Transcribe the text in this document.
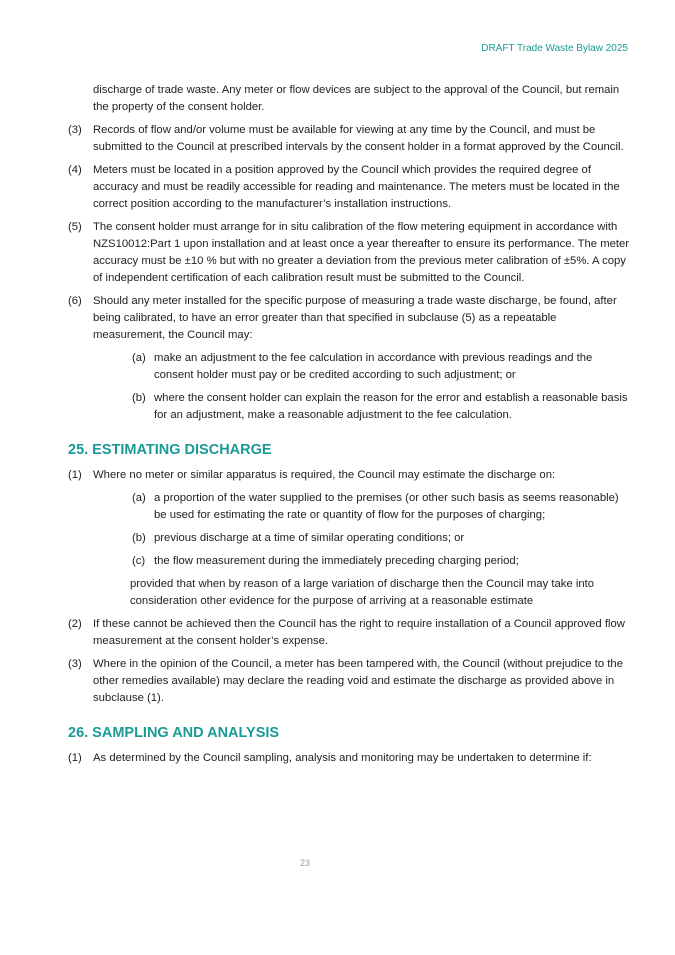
DRAFT Trade Waste Bylaw 2025
discharge of trade waste. Any meter or flow devices are subject to the approval of the Council, but remain the property of the consent holder.
(3) Records of flow and/or volume must be available for viewing at any time by the Council, and must be submitted to the Council at prescribed intervals by the consent holder in a format approved by the Council.
(4) Meters must be located in a position approved by the Council which provides the required degree of accuracy and must be readily accessible for reading and maintenance. The meters must be located in the correct position according to the manufacturer’s installation instructions.
(5) The consent holder must arrange for in situ calibration of the flow metering equipment in accordance with NZS10012:Part 1 upon installation and at least once a year thereafter to ensure its performance. The meter accuracy must be ±10 % but with no greater a deviation from the previous meter calibration of ±5%. A copy of independent certification of each calibration result must be submitted to the Council.
(6) Should any meter installed for the specific purpose of measuring a trade waste discharge, be found, after being calibrated, to have an error greater than that specified in subclause (5) as a repeatable measurement, the Council may:
(a) make an adjustment to the fee calculation in accordance with previous readings and the consent holder must pay or be credited according to such adjustment; or
(b) where the consent holder can explain the reason for the error and establish a reasonable basis for an adjustment, make a reasonable adjustment to the fee calculation.
25. ESTIMATING DISCHARGE
(1) Where no meter or similar apparatus is required, the Council may estimate the discharge on:
(a) a proportion of the water supplied to the premises (or other such basis as seems reasonable) be used for estimating the rate or quantity of flow for the purposes of charging;
(b) previous discharge at a time of similar operating conditions; or
(c) the flow measurement during the immediately preceding charging period;
provided that when by reason of a large variation of discharge then the Council may take into consideration other evidence for the purpose of arriving at a reasonable estimate
(2) If these cannot be achieved then the Council has the right to require installation of a Council approved flow measurement at the consent holder’s expense.
(3) Where in the opinion of the Council, a meter has been tampered with, the Council (without prejudice to the other remedies available) may declare the reading void and estimate the discharge as provided above in subclause (1).
26. SAMPLING AND ANALYSIS
(1) As determined by the Council sampling, analysis and monitoring may be undertaken to determine if:
23
